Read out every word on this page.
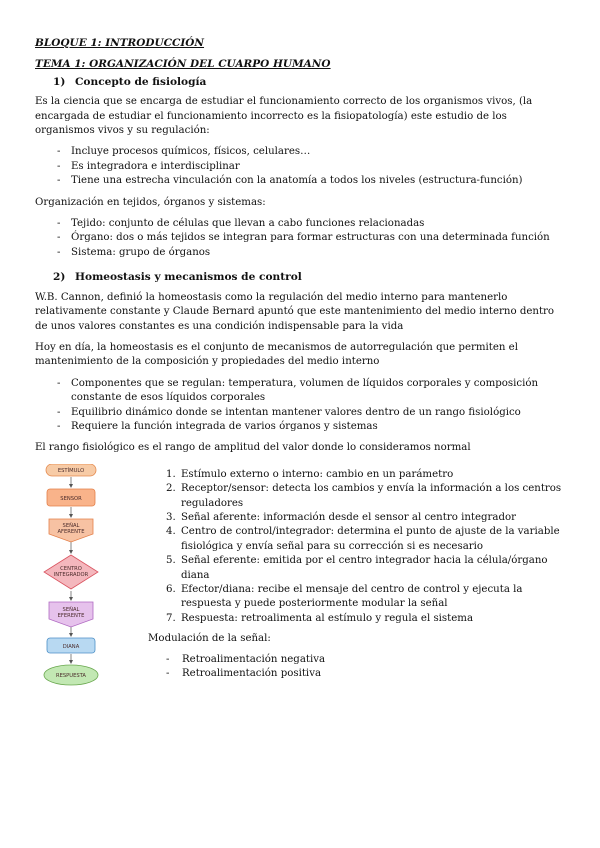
BLOQUE 1: INTRODUCCIÓN
TEMA 1: ORGANIZACIÓN DEL CUARPO HUMANO
1) Concepto de fisiología

Es la ciencia que se encarga de estudiar el funcionamiento correcto de los organismos vivos, (la encargada de estudiar el funcionamiento incorrecto es la fisiopatología) este estudio de los organismos vivos y su regulación:

- Incluye procesos químicos, físicos, celulares…
- Es integradora e interdisciplinar
- Tiene una estrecha vinculación con la anatomía a todos los niveles (estructura-función)

Organización en tejidos, órganos y sistemas:

- Tejido: conjunto de células que llevan a cabo funciones relacionadas
- Órgano: dos o más tejidos se integran para formar estructuras con una determinada función
- Sistema: grupo de órganos
2) Homeostasis y mecanismos de control

W.B. Cannon, definió la homeostasis como la regulación del medio interno para mantenerlo relativamente constante y Claude Bernard apuntó que este mantenimiento del medio interno dentro de unos valores constantes es una condición indispensable para la vida

Hoy en día, la homeostasis es el conjunto de mecanismos de autorregulación que permiten el mantenimiento de la composición y propiedades del medio interno

- Componentes que se regulan: temperatura, volumen de líquidos corporales y composición constante de esos líquidos corporales
- Equilibrio dinámico donde se intentan mantener valores dentro de un rango fisiológico
- Requiere la función integrada de varios órganos y sistemas

El rango fisiológico es el rango de amplitud del valor donde lo consideramos normal

ESTÍMULO
SENSOR
SEÑAL
AFERENTE
CENTRO
INTEGRADOR
SEÑAL
EFERENTE
DIANA
RESPUESTA
1. Estímulo externo o interno: cambio en un parámetro
2. Receptor/sensor: detecta los cambios y envía la información a los centros reguladores
3. Señal aferente: información desde el sensor al centro integrador
4. Centro de control/integrador: determina el punto de ajuste de la variable fisiológica y envía señal para su corrección si es necesario
5. Señal eferente: emitida por el centro integrador hacia la célula/órgano diana
6. Efector/diana: recibe el mensaje del centro de control y ejecuta la respuesta y puede posteriormente modular la señal
7. Respuesta: retroalimenta al estímulo y regula el sistema
Modulación de la señal:
- Retroalimentación negativa
- Retroalimentación positiva
